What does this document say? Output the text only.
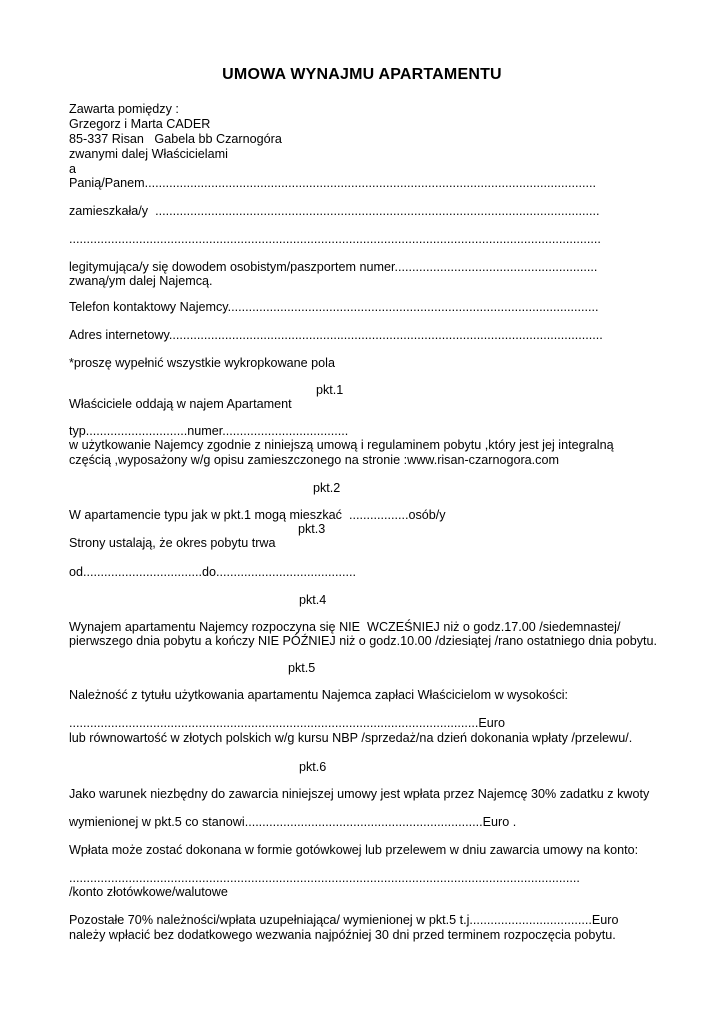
UMOWA WYNAJMU APARTAMENTU
Zawarta pomiędzy :
Grzegorz i Marta CADER
85-337 Risan   Gabela bb Czarnogóra
zwanymi dalej Właścicielami
a
Panią/Panem.................................................................................................................................
zamieszkała/y  ...............................................................................................................................
........................................................................................................................................................
legitymująca/y się dowodem osobistym/paszportem numer..........................................................
zwaną/ym dalej Najemcą.
Telefon kontaktowy Najemcy..........................................................................................................
Adres internetowy............................................................................................................................
*proszę wypełnić wszystkie wykropkowane pola
pkt.1
Właściciele oddają w najem Apartament
typ.............................numer....................................
w użytkowanie Najemcy zgodnie z niniejszą umową i regulaminem pobytu ,który jest jej integralną
częścią ,wyposażony w/g opisu zamieszczonego na stronie :www.risan-czarnogora.com
pkt.2
W apartamencie typu jak w pkt.1 mogą mieszkać  .................osób/y
pkt.3
Strony ustalają, że okres pobytu trwa
od..................................do........................................
pkt.4
Wynajem apartamentu Najemcy rozpoczyna się NIE  WCZEŚNIEJ niż o godz.17.00 /siedemnastej/
pierwszego dnia pobytu a kończy NIE PÓŹNIEJ niż o godz.10.00 /dziesiątej /rano ostatniego dnia pobytu.
pkt.5
Należność z tytułu użytkowania apartamentu Najemca zapłaci Właścicielom w wysokości:
.....................................................................................................................Euro
lub równowartość w złotych polskich w/g kursu NBP /sprzedaż/na dzień dokonania wpłaty /przelewu/.
pkt.6
Jako warunek niezbędny do zawarcia niniejszej umowy jest wpłata przez Najemcę 30% zadatku z kwoty
wymienionej w pkt.5 co stanowi....................................................................Euro .
Wpłata może zostać dokonana w formie gotówkowej lub przelewem w dniu zawarcia umowy na konto:
..................................................................................................................................................
/konto złotówkowe/walutowe
Pozostałe 70% należności/wpłata uzupełniająca/ wymienionej w pkt.5 t.j...................................Euro
należy wpłacić bez dodatkowego wezwania najpóźniej 30 dni przed terminem rozpoczęcia pobytu.
